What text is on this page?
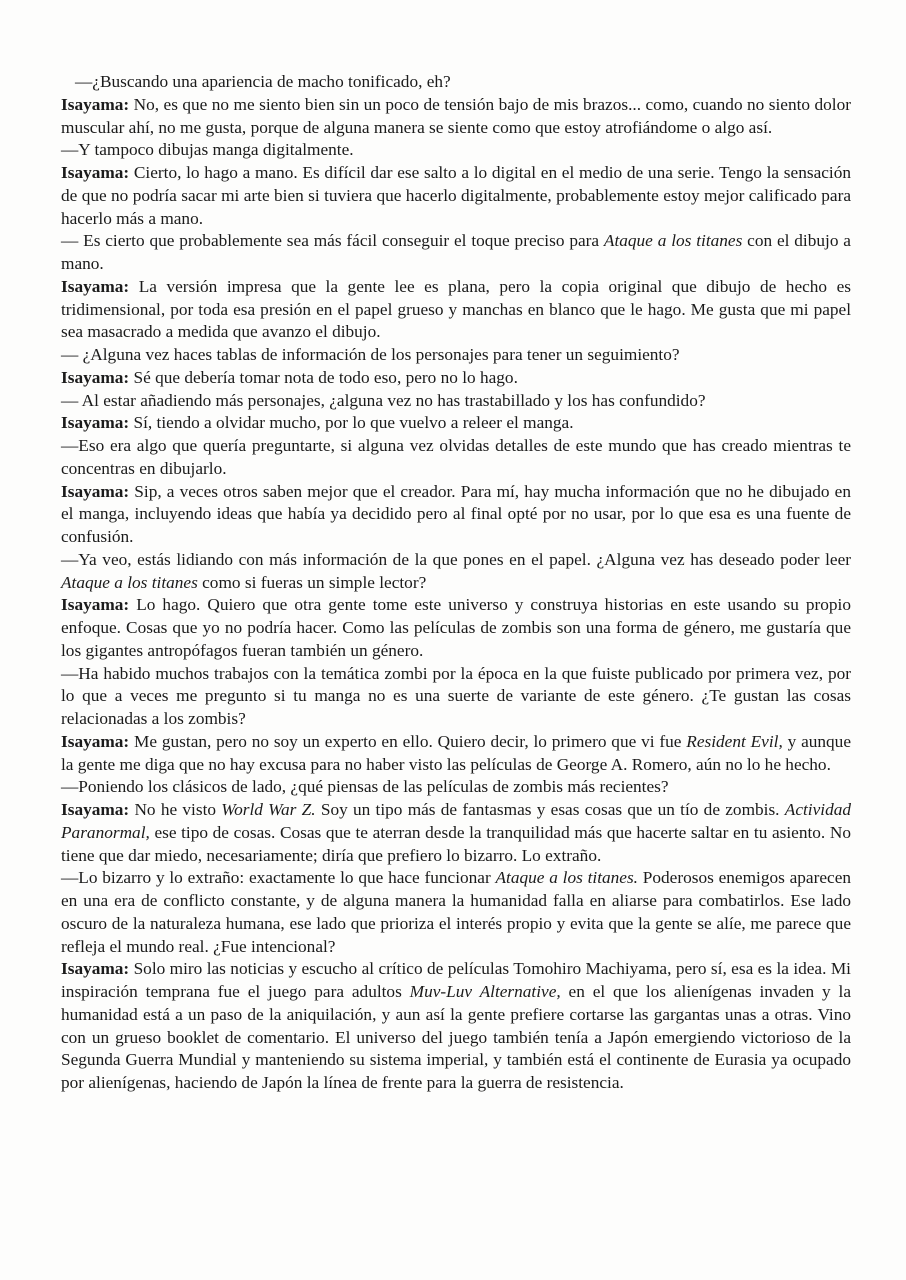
—¿Buscando una apariencia de macho tonificado, eh?

Isayama: No, es que no me siento bien sin un poco de tensión bajo de mis brazos... como, cuando no siento dolor muscular ahí, no me gusta, porque de alguna manera se siente como que estoy atrofiándome o algo así.

—Y tampoco dibujas manga digitalmente.

Isayama: Cierto, lo hago a mano. Es difícil dar ese salto a lo digital en el medio de una serie. Tengo la sensación de que no podría sacar mi arte bien si tuviera que hacerlo digitalmente, probablemente estoy mejor calificado para hacerlo más a mano.

— Es cierto que probablemente sea más fácil conseguir el toque preciso para Ataque a los titanes con el dibujo a mano.

Isayama: La versión impresa que la gente lee es plana, pero la copia original que dibujo de hecho es tridimensional, por toda esa presión en el papel grueso y manchas en blanco que le hago. Me gusta que mi papel sea masacrado a medida que avanzo el dibujo.

— ¿Alguna vez haces tablas de información de los personajes para tener un seguimiento?

Isayama: Sé que debería tomar nota de todo eso, pero no lo hago.

— Al estar añadiendo más personajes, ¿alguna vez no has trastabillado y los has confundido?

Isayama: Sí, tiendo a olvidar mucho, por lo que vuelvo a releer el manga.

—Eso era algo que quería preguntarte, si alguna vez olvidas detalles de este mundo que has creado mientras te concentras en dibujarlo.

Isayama: Sip, a veces otros saben mejor que el creador. Para mí, hay mucha información que no he dibujado en el manga, incluyendo ideas que había ya decidido pero al final opté por no usar, por lo que esa es una fuente de confusión.

—Ya veo, estás lidiando con más información de la que pones en el papel. ¿Alguna vez has deseado poder leer Ataque a los titanes como si fueras un simple lector?

Isayama: Lo hago. Quiero que otra gente tome este universo y construya historias en este usando su propio enfoque. Cosas que yo no podría hacer. Como las películas de zombis son una forma de género, me gustaría que los gigantes antropófagos fueran también un género.

—Ha habido muchos trabajos con la temática zombi por la época en la que fuiste publicado por primera vez, por lo que a veces me pregunto si tu manga no es una suerte de variante de este género. ¿Te gustan las cosas relacionadas a los zombis?

Isayama: Me gustan, pero no soy un experto en ello. Quiero decir, lo primero que vi fue Resident Evil, y aunque la gente me diga que no hay excusa para no haber visto las películas de George A. Romero, aún no lo he hecho.

—Poniendo los clásicos de lado, ¿qué piensas de las películas de zombis más recientes?

Isayama: No he visto World War Z. Soy un tipo más de fantasmas y esas cosas que un tío de zombis. Actividad Paranormal, ese tipo de cosas. Cosas que te aterran desde la tranquilidad más que hacerte saltar en tu asiento. No tiene que dar miedo, necesariamente; diría que prefiero lo bizarro. Lo extraño.

—Lo bizarro y lo extraño: exactamente lo que hace funcionar Ataque a los titanes. Poderosos enemigos aparecen en una era de conflicto constante, y de alguna manera la humanidad falla en aliarse para combatirlos. Ese lado oscuro de la naturaleza humana, ese lado que prioriza el interés propio y evita que la gente se alíe, me parece que refleja el mundo real. ¿Fue intencional?

Isayama: Solo miro las noticias y escucho al crítico de películas Tomohiro Machiyama, pero sí, esa es la idea. Mi inspiración temprana fue el juego para adultos Muv-Luv Alternative, en el que los alienígenas invaden y la humanidad está a un paso de la aniquilación, y aun así la gente prefiere cortarse las gargantas unas a otras. Vino con un grueso booklet de comentario. El universo del juego también tenía a Japón emergiendo victorioso de la Segunda Guerra Mundial y manteniendo su sistema imperial, y también está el continente de Eurasia ya ocupado por alienígenas, haciendo de Japón la línea de frente para la guerra de resistencia.
